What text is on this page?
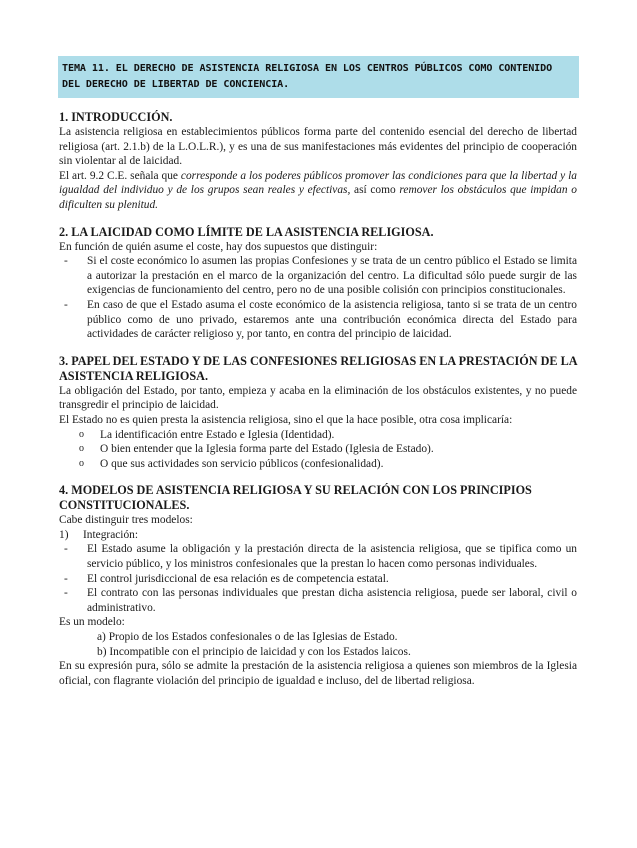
TEMA 11. EL DERECHO DE ASISTENCIA RELIGIOSA EN LOS CENTROS PÚBLICOS COMO CONTENIDO DEL DERECHO DE LIBERTAD DE CONCIENCIA.
1. INTRODUCCIÓN.

La asistencia religiosa en establecimientos públicos forma parte del contenido esencial del derecho de libertad religiosa (art. 2.1.b) de la L.O.L.R.), y es una de sus manifestaciones más evidentes del principio de cooperación sin violentar al de laicidad.

El art. 9.2 C.E. señala que corresponde a los poderes públicos promover las condiciones para que la libertad y la igualdad del individuo y de los grupos sean reales y efectivas, así como remover los obstáculos que impidan o dificulten su plenitud.

2. LA LAICIDAD COMO LÍMITE DE LA ASISTENCIA RELIGIOSA.

En función de quién asume el coste, hay dos supuestos que distinguir:

- Si el coste económico lo asumen las propias Confesiones y se trata de un centro público el Estado se limita a autorizar la prestación en el marco de la organización del centro. La dificultad sólo puede surgir de las exigencias de funcionamiento del centro, pero no de una posible colisión con principios constitucionales.
- En caso de que el Estado asuma el coste económico de la asistencia religiosa, tanto si se trata de un centro público como de uno privado, estaremos ante una contribución económica directa del Estado para actividades de carácter religioso y, por tanto, en contra del principio de laicidad.
3. PAPEL DEL ESTADO Y DE LAS CONFESIONES RELIGIOSAS EN LA PRESTACIÓN DE LA ASISTENCIA RELIGIOSA.

La obligación del Estado, por tanto, empieza y acaba en la eliminación de los obstáculos existentes, y no puede transgredir el principio de laicidad.

El Estado no es quien presta la asistencia religiosa, sino el que la hace posible, otra cosa implicaría:

o La identificación entre Estado e Iglesia (Identidad).
o O bien entender que la Iglesia forma parte del Estado (Iglesia de Estado).
o O que sus actividades son servicio públicos (confesionalidad).
4. MODELOS DE ASISTENCIA RELIGIOSA Y SU RELACIÓN CON LOS PRINCIPIOS CONSTITUCIONALES.

Cabe distinguir tres modelos:

1) Integración:
- El Estado asume la obligación y la prestación directa de la asistencia religiosa, que se tipifica como un servicio público, y los ministros confesionales que la prestan lo hacen como personas individuales.
- El control jurisdiccional de esa relación es de competencia estatal.
- El contrato con las personas individuales que prestan dicha asistencia religiosa, puede ser laboral, civil o administrativo.

Es un modelo:

a) Propio de los Estados confesionales o de las Iglesias de Estado.
b) Incompatible con el principio de laicidad y con los Estados laicos.

En su expresión pura, sólo se admite la prestación de la asistencia religiosa a quienes son miembros de la Iglesia oficial, con flagrante violación del principio de igualdad e incluso, del de libertad religiosa.
